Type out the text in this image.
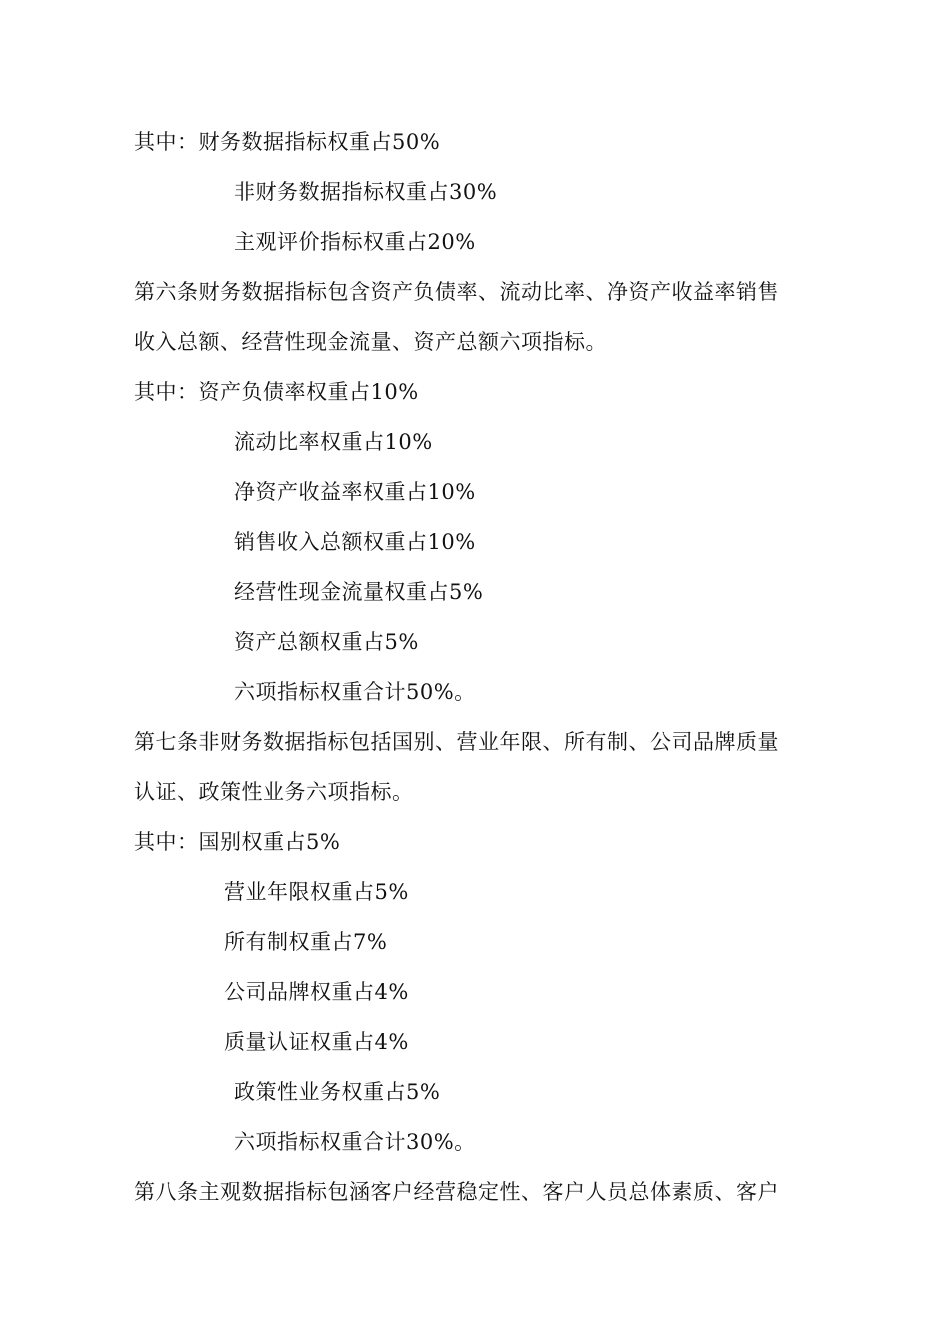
其中：财务数据指标权重占50%
非财务数据指标权重占30%
主观评价指标权重占20%
第六条财务数据指标包含资产负债率、流动比率、净资产收益率销售
收入总额、经营性现金流量、资产总额六项指标。
其中：资产负债率权重占10%
流动比率权重占10%
净资产收益率权重占10%
销售收入总额权重占10%
经营性现金流量权重占5%
资产总额权重占5%
六项指标权重合计50%。
第七条非财务数据指标包括国别、营业年限、所有制、公司品牌质量
认证、政策性业务六项指标。
其中：国别权重占5%
营业年限权重占5%
所有制权重占7%
公司品牌权重占4%
质量认证权重占4%
政策性业务权重占5%
六项指标权重合计30%。
第八条主观数据指标包涵客户经营稳定性、客户人员总体素质、客户
